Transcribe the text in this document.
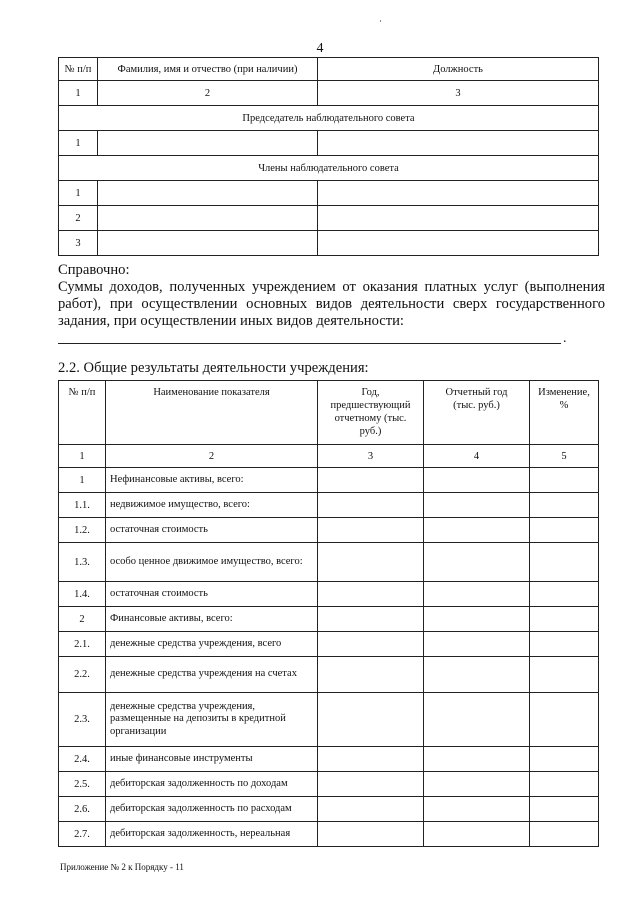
4
№ п/п	Фамилия, имя и отчество (при наличии)	Должность
1	2	3
Председатель наблюдательного совета		
1		
Члены наблюдательного совета		
1		
2		
3		
Справочно:
Суммы доходов, полученных учреждением от оказания платных услуг (выполнения работ), при осуществлении основных видов деятельности сверх государственного задания, при осуществлении иных видов деятельности:
.
2.2. Общие результаты деятельности учреждения:
№ п/п	Наименование показателя	Год, предшествующий отчетному (тыс. руб.)	Отчетный год (тыс. руб.)	Изменение, %
1	2	3	4	5
1	Нефинансовые активы, всего:			
1.1.	недвижимое имущество, всего:			
1.2.	остаточная стоимость			
1.3.	особо ценное движимое имущество, всего:			
1.4.	остаточная стоимость			
2	Финансовые активы, всего:			
2.1.	денежные средства учреждения, всего			
2.2.	денежные средства учреждения на счетах			
2.3.	денежные средства учреждения, размещенные на депозиты в кредитной организации			
2.4.	иные финансовые инструменты			
2.5.	дебиторская задолженность по доходам			
2.6.	дебиторская задолженность по расходам			
2.7.	дебиторская задолженность, нереальная			
Приложение № 2 к Порядку - 11
